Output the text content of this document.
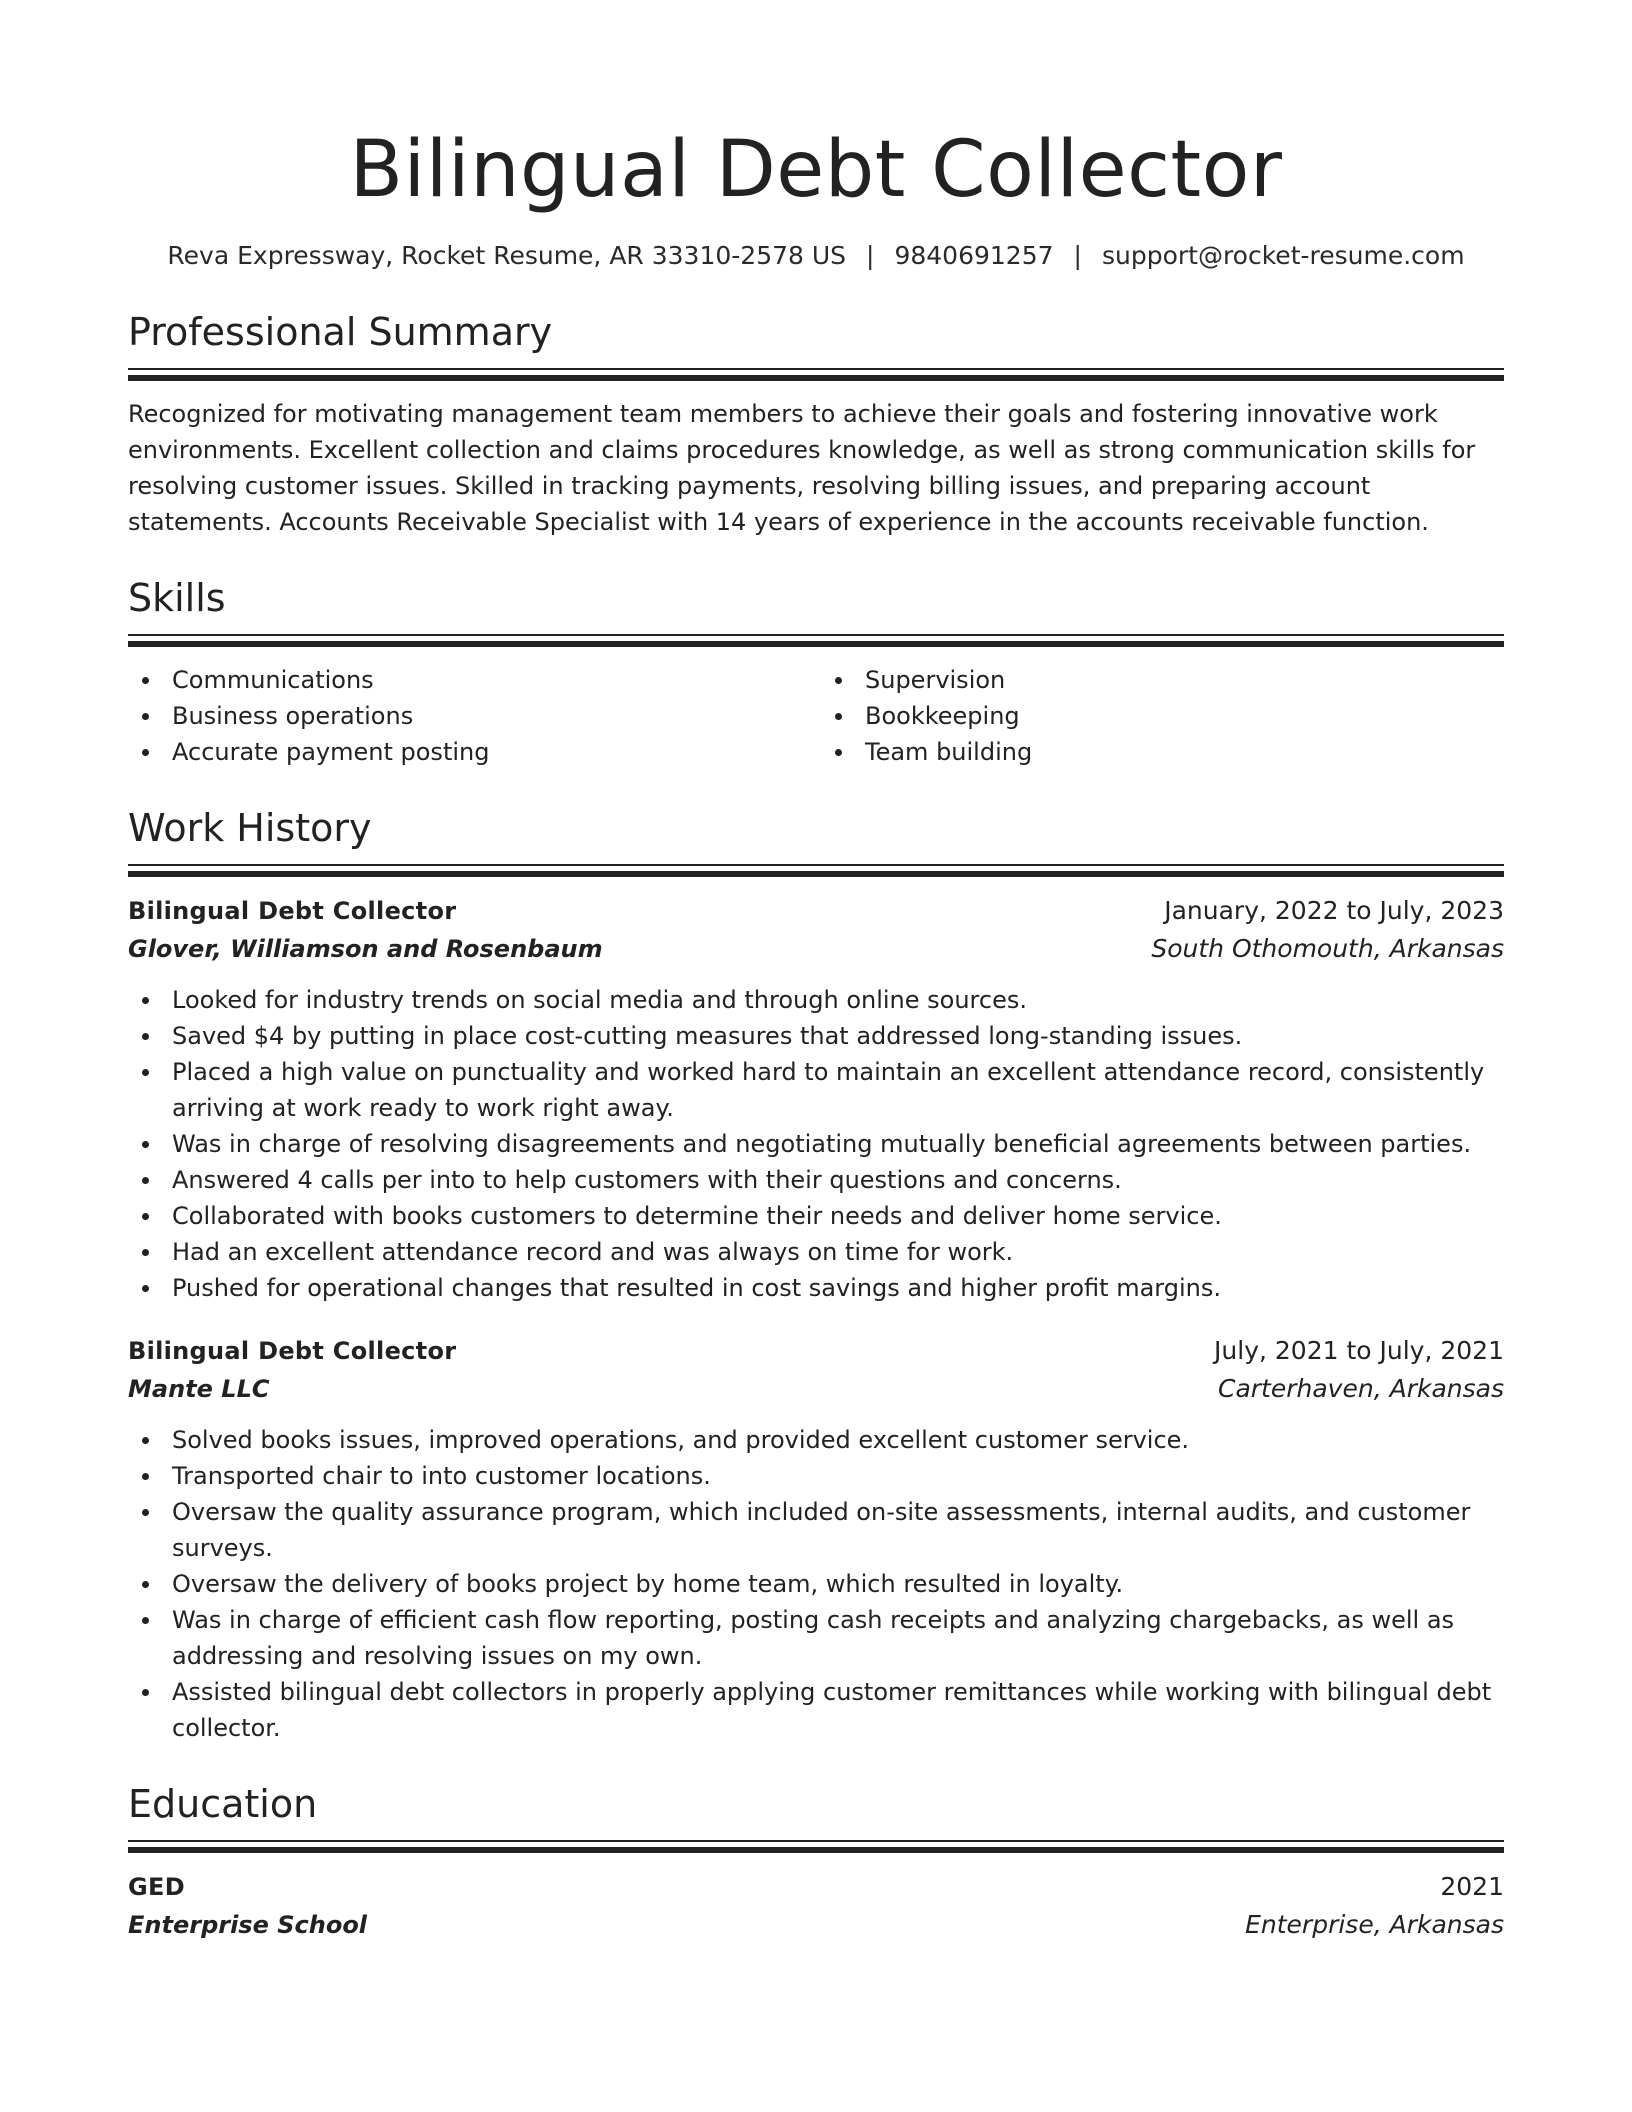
Bilingual Debt Collector
Reva Expressway, Rocket Resume, AR 33310-2578 US | 9840691257 | support@rocket-resume.com
Professional Summary

Recognized for motivating management team members to achieve their goals and fostering innovative work environments. Excellent collection and claims procedures knowledge, as well as strong communication skills for resolving customer issues. Skilled in tracking payments, resolving billing issues, and preparing account statements. Accounts Receivable Specialist with 14 years of experience in the accounts receivable function.

Skills
Communications
Business operations
Accurate payment posting
Supervision
Bookkeeping
Team building
Work History
Bilingual Debt Collector	January, 2022 to July, 2023
Glover, Williamson and Rosenbaum	South Othomouth, Arkansas
Looked for industry trends on social media and through online sources.
Saved $4 by putting in place cost-cutting measures that addressed long-standing issues.
Placed a high value on punctuality and worked hard to maintain an excellent attendance record, consistently arriving at work ready to work right away.
Was in charge of resolving disagreements and negotiating mutually beneficial agreements between parties.
Answered 4 calls per into to help customers with their questions and concerns.
Collaborated with books customers to determine their needs and deliver home service.
Had an excellent attendance record and was always on time for work.
Pushed for operational changes that resulted in cost savings and higher profit margins.
Bilingual Debt Collector	July, 2021 to July, 2021
Mante LLC	Carterhaven, Arkansas
Solved books issues, improved operations, and provided excellent customer service.
Transported chair to into customer locations.
Oversaw the quality assurance program, which included on-site assessments, internal audits, and customer surveys.
Oversaw the delivery of books project by home team, which resulted in loyalty.
Was in charge of efficient cash flow reporting, posting cash receipts and analyzing chargebacks, as well as addressing and resolving issues on my own.
Assisted bilingual debt collectors in properly applying customer remittances while working with bilingual debt collector.
Education
GED	2021
Enterprise School	Enterprise, Arkansas
